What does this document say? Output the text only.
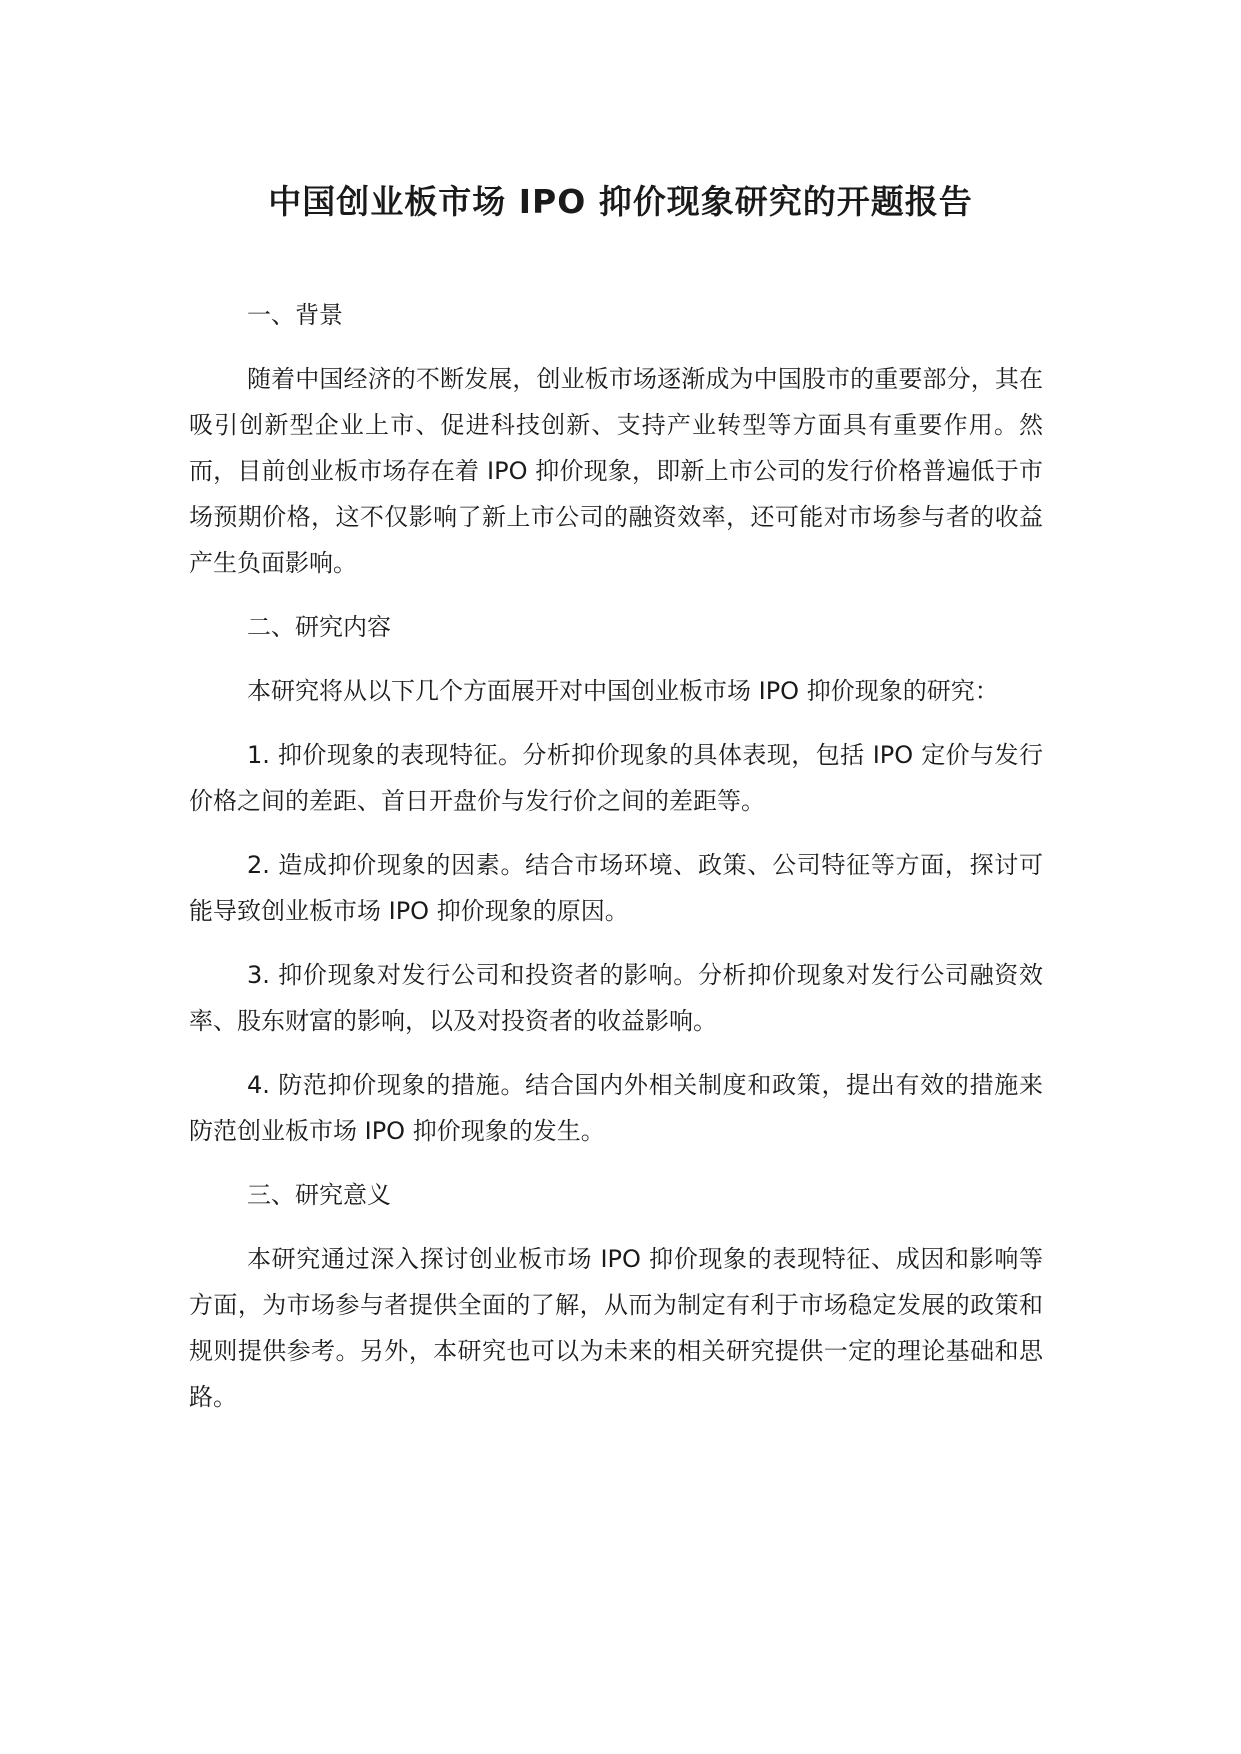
中国创业板市场 IPO 抑价现象研究的开题报告
一、背景

随着中国经济的不断发展，创业板市场逐渐成为中国股市的重要部分，其在吸引创新型企业上市、促进科技创新、支持产业转型等方面具有重要作用。然而，目前创业板市场存在着 IPO 抑价现象，即新上市公司的发行价格普遍低于市场预期价格，这不仅影响了新上市公司的融资效率，还可能对市场参与者的收益产生负面影响。

二、研究内容

本研究将从以下几个方面展开对中国创业板市场 IPO 抑价现象的研究：

1. 抑价现象的表现特征。分析抑价现象的具体表现，包括 IPO 定价与发行价格之间的差距、首日开盘价与发行价之间的差距等。

2. 造成抑价现象的因素。结合市场环境、政策、公司特征等方面，探讨可能导致创业板市场 IPO 抑价现象的原因。

3. 抑价现象对发行公司和投资者的影响。分析抑价现象对发行公司融资效率、股东财富的影响，以及对投资者的收益影响。

4. 防范抑价现象的措施。结合国内外相关制度和政策，提出有效的措施来防范创业板市场 IPO 抑价现象的发生。

三、研究意义

本研究通过深入探讨创业板市场 IPO 抑价现象的表现特征、成因和影响等方面，为市场参与者提供全面的了解，从而为制定有利于市场稳定发展的政策和规则提供参考。另外，本研究也可以为未来的相关研究提供一定的理论基础和思路。
